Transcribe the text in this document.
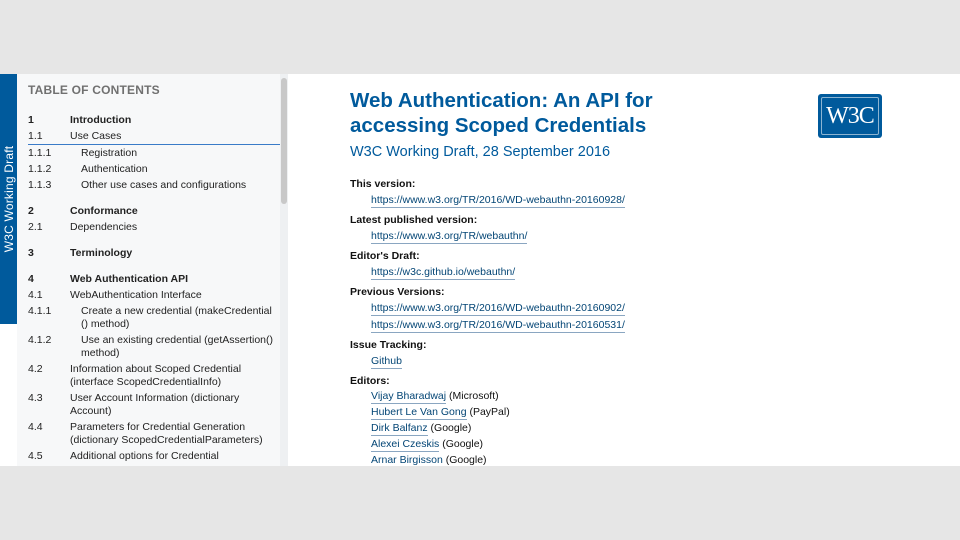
W3C Working Draft
TABLE OF CONTENTS
1	Introduction
1.1	Use Cases
1.1.1	Registration
1.1.2	Authentication
1.1.3	Other use cases and configurations
2	Conformance
2.1	Dependencies
3	Terminology
4	Web Authentication API
4.1	WebAuthentication Interface
4.1.1	Create a new credential (makeCredential () method)
4.1.2	Use an existing credential (getAssertion() method)
4.2	Information about Scoped Credential (interface ScopedCredentialInfo)
4.3	User Account Information (dictionary Account)
4.4	Parameters for Credential Generation (dictionary ScopedCredentialParameters)
4.5	Additional options for Credential
Web Authentication: An API for
accessing Scoped Credentials
W3C Working Draft, 28 September 2016
This version:
https://www.w3.org/TR/2016/WD-webauthn-20160928/
Latest published version:
https://www.w3.org/TR/webauthn/
Editor's Draft:
https://w3c.github.io/webauthn/
Previous Versions:
https://www.w3.org/TR/2016/WD-webauthn-20160902/
https://www.w3.org/TR/2016/WD-webauthn-20160531/
Issue Tracking:
Github
Editors:
Vijay Bharadwaj (Microsoft)
Hubert Le Van Gong (PayPal)
Dirk Balfanz (Google)
Alexei Czeskis (Google)
Arnar Birgisson (Google)
W3C
